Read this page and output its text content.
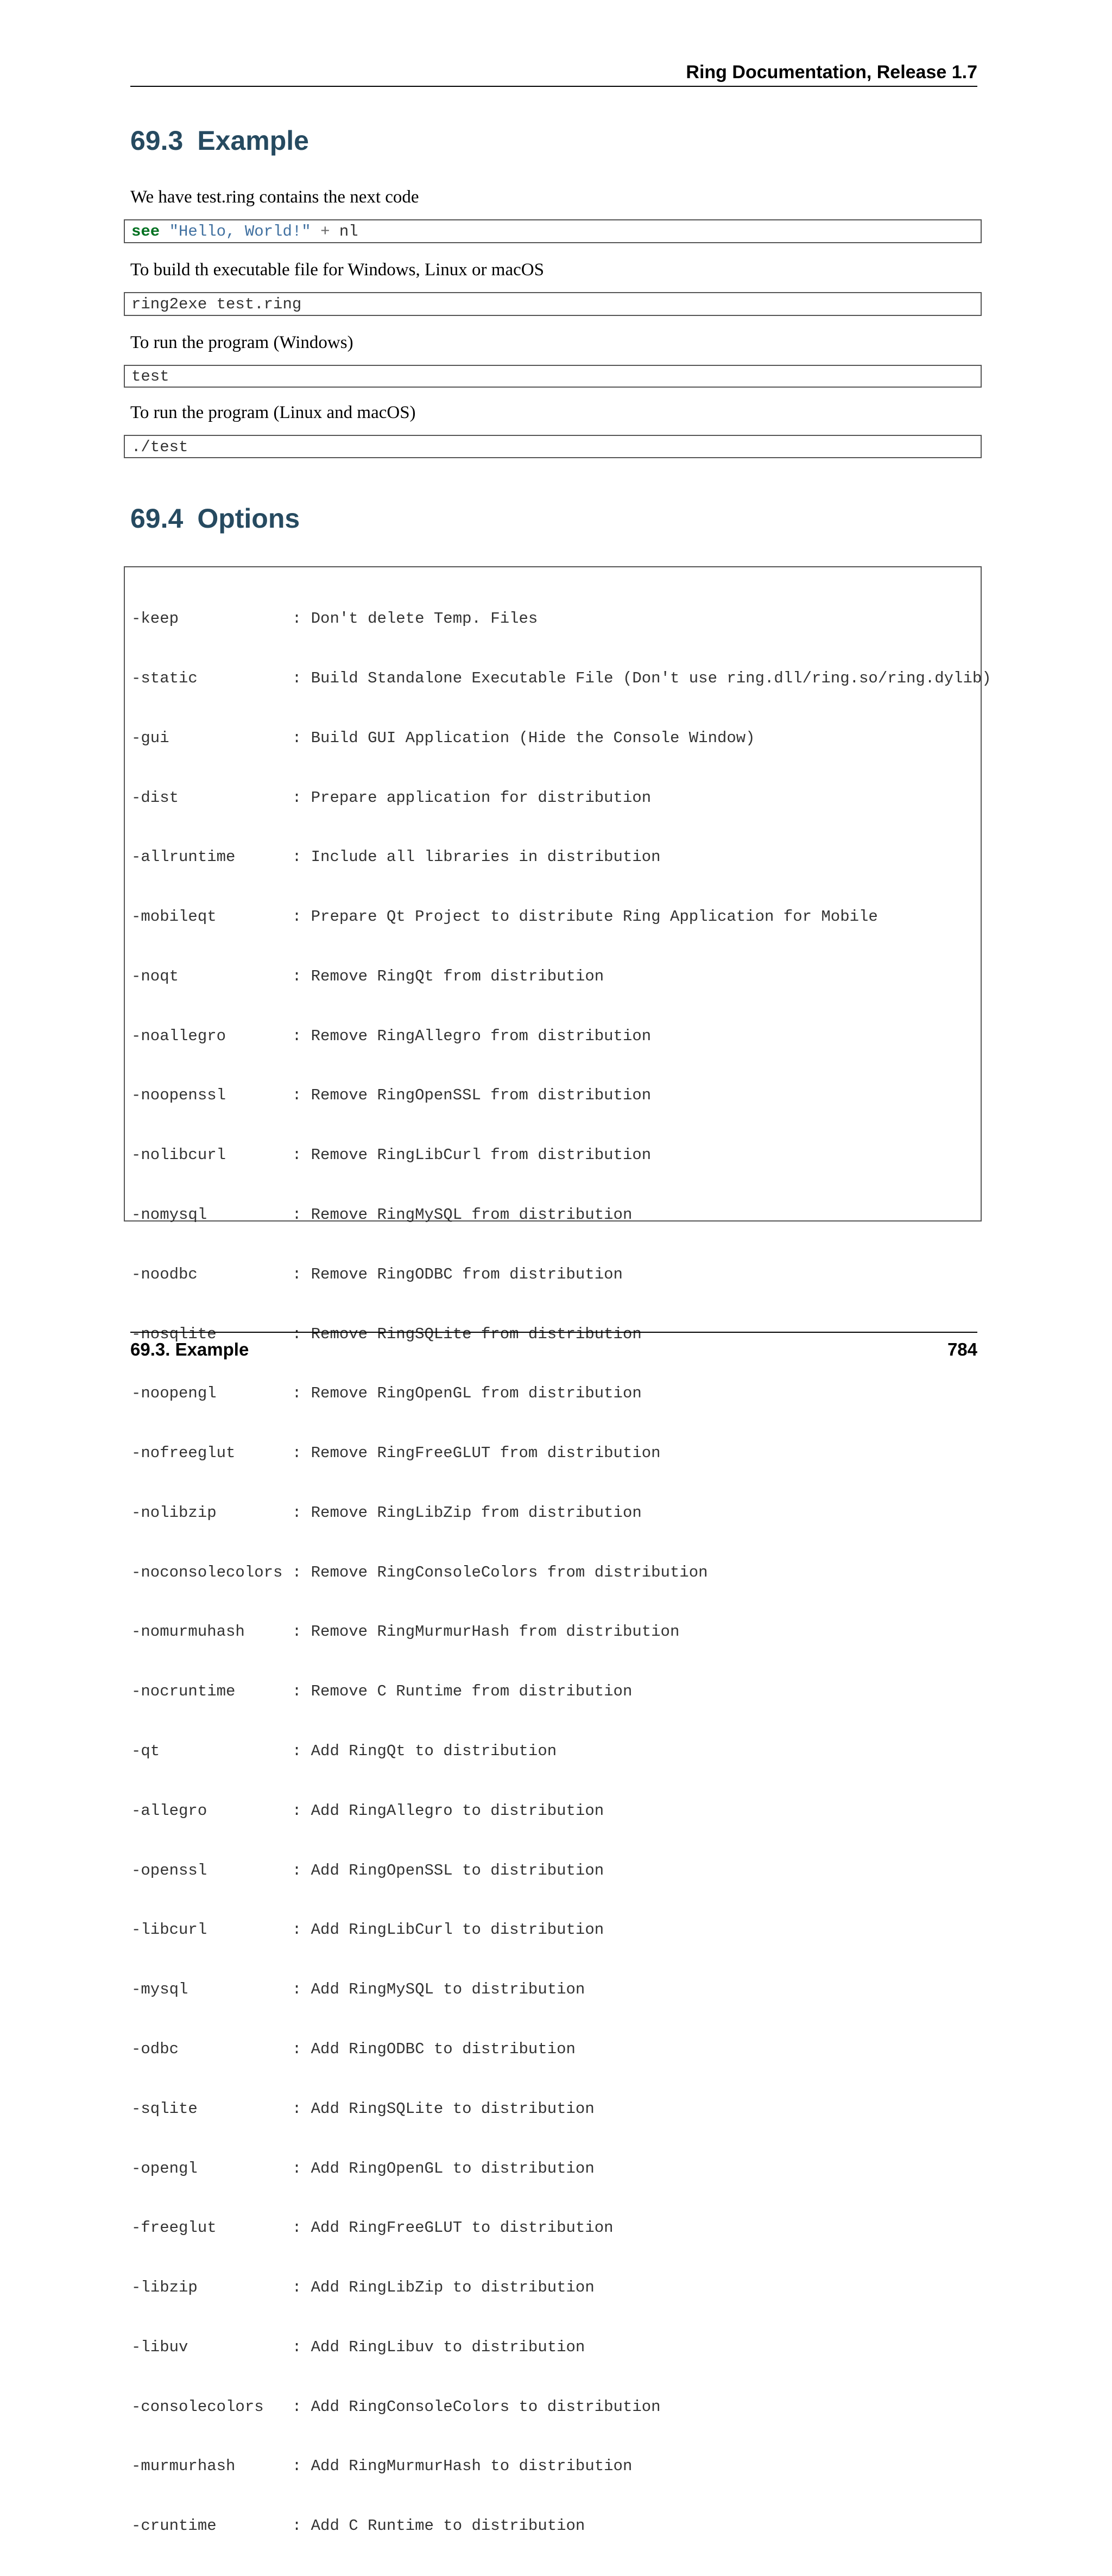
Ring Documentation, Release 1.7
69.3 Example

We have test.ring contains the next code

see "Hello, World!" + nl

To build th executable file for Windows, Linux or macOS

ring2exe test.ring

To run the program (Windows)

test

To run the program (Linux and macOS)

./test
69.4 Options

-keep            : Don't delete Temp. Files

-static          : Build Standalone Executable File (Don't use ring.dll/ring.so/ring.dylib)

-gui             : Build GUI Application (Hide the Console Window)

-dist            : Prepare application for distribution

-allruntime      : Include all libraries in distribution

-mobileqt        : Prepare Qt Project to distribute Ring Application for Mobile

-noqt            : Remove RingQt from distribution

-noallegro       : Remove RingAllegro from distribution

-noopenssl       : Remove RingOpenSSL from distribution

-nolibcurl       : Remove RingLibCurl from distribution

-nomysql         : Remove RingMySQL from distribution

-noodbc          : Remove RingODBC from distribution

-nosqlite        : Remove RingSQLite from distribution

-noopengl        : Remove RingOpenGL from distribution

-nofreeglut      : Remove RingFreeGLUT from distribution

-nolibzip        : Remove RingLibZip from distribution

-noconsolecolors : Remove RingConsoleColors from distribution

-nomurmuhash     : Remove RingMurmurHash from distribution

-nocruntime      : Remove C Runtime from distribution

-qt              : Add RingQt to distribution

-allegro         : Add RingAllegro to distribution

-openssl         : Add RingOpenSSL to distribution

-libcurl         : Add RingLibCurl to distribution

-mysql           : Add RingMySQL to distribution

-odbc            : Add RingODBC to distribution

-sqlite          : Add RingSQLite to distribution

-opengl          : Add RingOpenGL to distribution

-freeglut        : Add RingFreeGLUT to distribution

-libzip          : Add RingLibZip to distribution

-libuv           : Add RingLibuv to distribution

-consolecolors   : Add RingConsoleColors to distribution

-murmurhash      : Add RingMurmurHash to distribution

-cruntime        : Add C Runtime to distribution

69.3. Example	784
